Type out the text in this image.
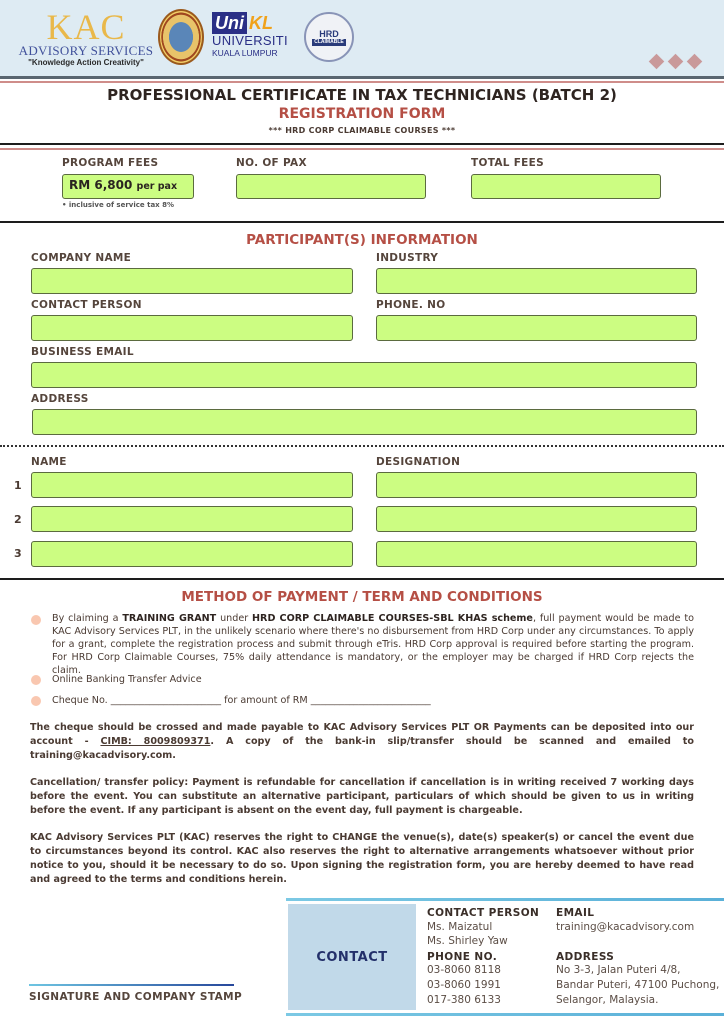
KAC
ADVISORY SERVICES
"Knowledge Action Creativity"
Uni KL
UNIVERSITI
KUALA LUMPUR
HRD
CLAIMABLE
PROFESSIONAL CERTIFICATE IN TAX TECHNICIANS (BATCH 2)
REGISTRATION FORM
*** HRD CORP CLAIMABLE COURSES ***
PROGRAM FEES
RM 6,800 per pax
• inclusive of service tax 8%
NO. OF PAX	TOTAL FEES
PARTICIPANT(S) INFORMATION
COMPANY NAME	INDUSTRY
CONTACT PERSON	PHONE. NO
BUSINESS EMAIL
ADDRESS
NAME	DESIGNATION
1
2
3
METHOD OF PAYMENT / TERM AND CONDITIONS
By claiming a TRAINING GRANT under HRD CORP CLAIMABLE COURSES-SBL KHAS scheme, full payment would be made to KAC Advisory Services PLT, in the unlikely scenario where there's no disbursement from HRD Corp under any circumstances. To apply for a grant, complete the registration process and submit through eTris. HRD Corp approval is required before starting the program. For HRD Corp Claimable Courses, 75% daily attendance is mandatory, or the employer may be charged if HRD Corp rejects the claim.
Online Banking Transfer Advice
Cheque No. _______________________ for amount of RM _________________________
The cheque should be crossed and made payable to KAC Advisory Services PLT OR Payments can be deposited into our account - CIMB: 8009809371. A copy of the bank-in slip/transfer should be scanned and emailed to training@kacadvisory.com.
Cancellation/ transfer policy: Payment is refundable for cancellation if cancellation is in writing received 7 working days before the event. You can substitute an alternative participant, particulars of which should be given to us in writing before the event. If any participant is absent on the event day, full payment is chargeable.
KAC Advisory Services PLT (KAC) reserves the right to CHANGE the venue(s), date(s) speaker(s) or cancel the event due to circumstances beyond its control. KAC also reserves the right to alternative arrangements whatsoever without prior notice to you, should it be necessary to do so. Upon signing the registration form, you are hereby deemed to have read and agreed to the terms and conditions herein.
SIGNATURE AND COMPANY STAMP
CONTACT
CONTACT PERSON
Ms. Maizatul
Ms. Shirley Yaw
EMAIL
training@kacadvisory.com
PHONE NO.
03-8060 8118
03-8060 1991
017-380 6133
ADDRESS
No 3-3, Jalan Puteri 4/8,
Bandar Puteri, 47100 Puchong,
Selangor, Malaysia.
